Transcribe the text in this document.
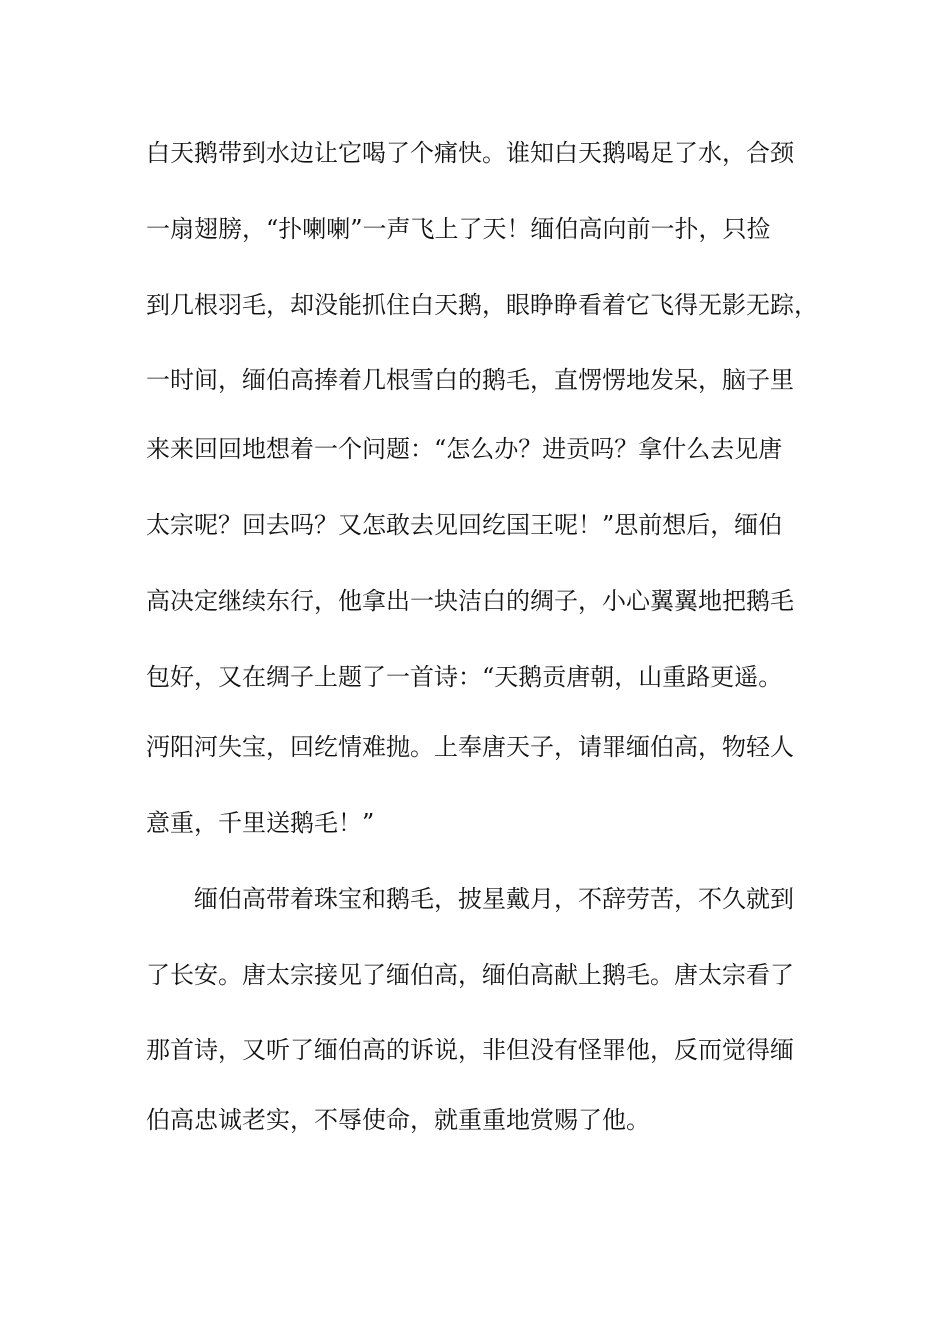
白天鹅带到水边让它喝了个痛快。谁知白天鹅喝足了水，合颈
一扇翅膀，“扑喇喇”一声飞上了天！缅伯高向前一扑，只捡
到几根羽毛，却没能抓住白天鹅，眼睁睁看着它飞得无影无踪，
一时间，缅伯高捧着几根雪白的鹅毛，直愣愣地发呆，脑子里
来来回回地想着一个问题：“怎么办？进贡吗？拿什么去见唐
太宗呢？回去吗？又怎敢去见回纥国王呢！”思前想后，缅伯
高决定继续东行，他拿出一块洁白的绸子，小心翼翼地把鹅毛
包好，又在绸子上题了一首诗：“天鹅贡唐朝，山重路更遥。
沔阳河失宝，回纥情难抛。上奉唐天子，请罪缅伯高，物轻人
意重，千里送鹅毛！”
缅伯高带着珠宝和鹅毛，披星戴月，不辞劳苦，不久就到
了长安。唐太宗接见了缅伯高，缅伯高献上鹅毛。唐太宗看了
那首诗，又听了缅伯高的诉说，非但没有怪罪他，反而觉得缅
伯高忠诚老实，不辱使命，就重重地赏赐了他。
